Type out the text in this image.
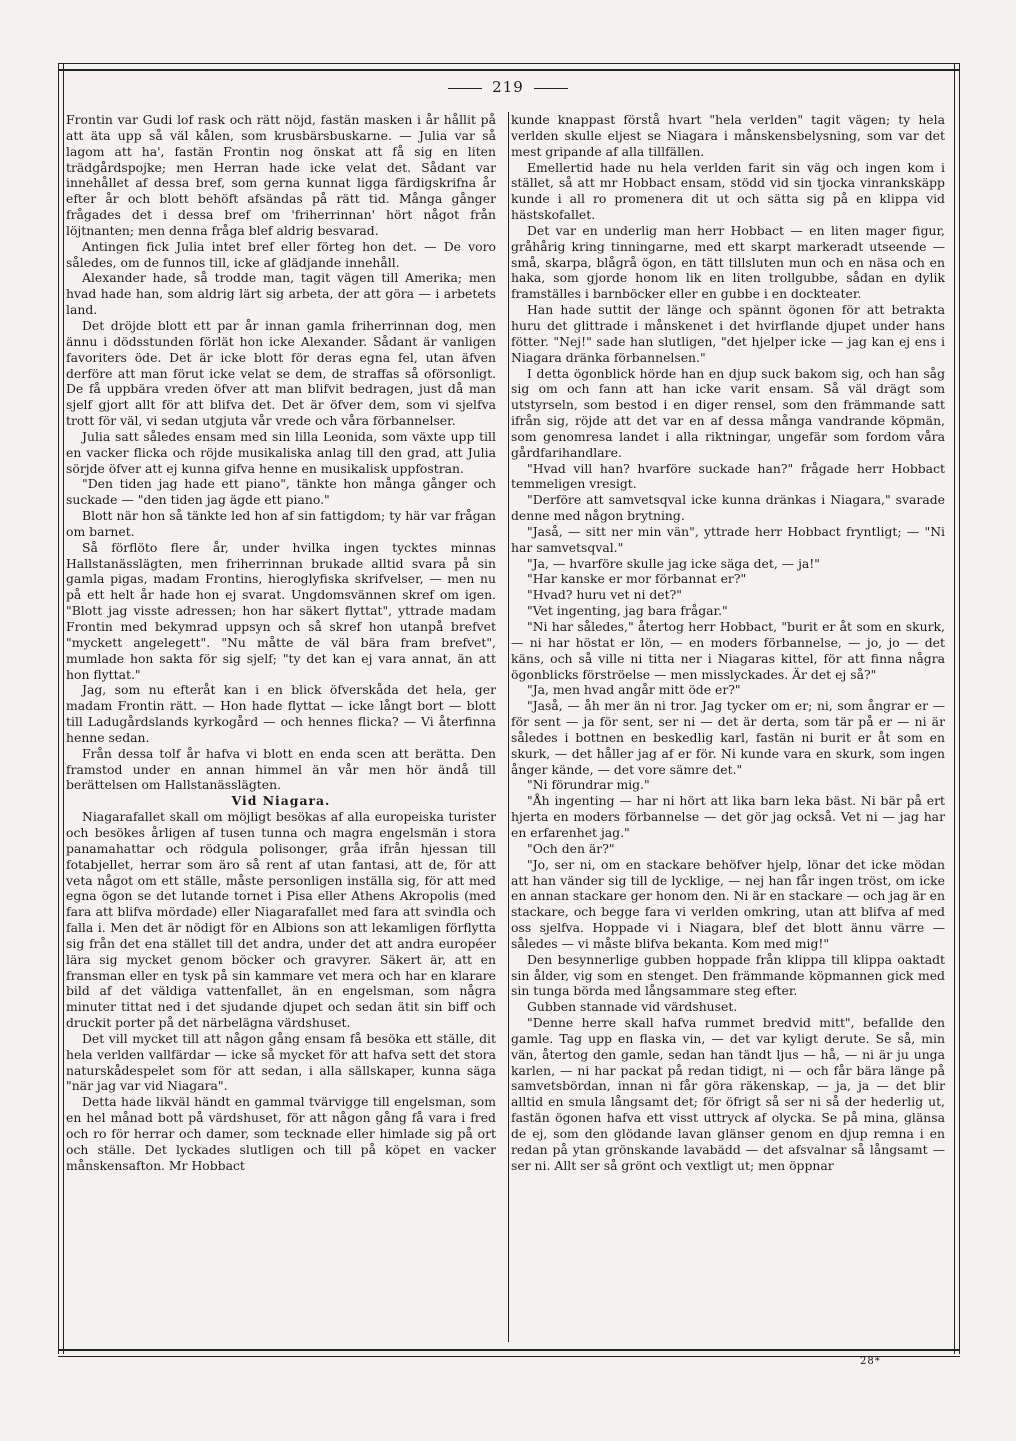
219

Frontin var Gudi lof rask och rätt nöjd, fastän masken i år hållit på att äta upp så väl kålen, som krusbärsbuskarne. — Julia var så lagom att ha', fastän Frontin nog önskat att få sig en liten trädgårdspojke; men Herran hade icke velat det. Sådant var innehållet af dessa bref, som gerna kunnat ligga färdigskrifna år efter år och blott behöft afsändas på rätt tid. Många gånger frågades det i dessa bref om 'friherrinnan' hört något från löjtnanten; men denna fråga blef aldrig besvarad.

Antingen fick Julia intet bref eller förteg hon det. — De voro således, om de funnos till, icke af glädjande innehåll.

Alexander hade, så trodde man, tagit vägen till Amerika; men hvad hade han, som aldrig lärt sig arbeta, der att göra — i arbetets land.

Det dröjde blott ett par år innan gamla friherrinnan dog, men ännu i dödsstunden förlät hon icke Alexander. Sådant är vanligen favoriters öde. Det är icke blott för deras egna fel, utan äfven derföre att man förut icke velat se dem, de straffas så oförsonligt. De få uppbära vreden öfver att man blifvit bedragen, just då man sjelf gjort allt för att blifva det. Det är öfver dem, som vi sjelfva trott för väl, vi sedan utgjuta vår vrede och våra förbannelser.

Julia satt således ensam med sin lilla Leonida, som växte upp till en vacker flicka och röjde musikaliska anlag till den grad, att Julia sörjde öfver att ej kunna gifva henne en musikalisk uppfostran.

"Den tiden jag hade ett piano", tänkte hon många gånger och suckade — "den tiden jag ägde ett piano."

Blott när hon så tänkte led hon af sin fattigdom; ty här var frågan om barnet.

Så förflöto flere år, under hvilka ingen tycktes minnas Hallstanässlägten, men friherrinnan brukade alltid svara på sin gamla pigas, madam Frontins, hieroglyfiska skrifvelser, — men nu på ett helt år hade hon ej svarat. Ungdomsvännen skref om igen. "Blott jag visste adressen; hon har säkert flyttat", yttrade madam Frontin med bekymrad uppsyn och så skref hon utanpå brefvet "myckett angelegett". "Nu måtte de väl bära fram brefvet", mumlade hon sakta för sig sjelf; "ty det kan ej vara annat, än att hon flyttat."

Jag, som nu efteråt kan i en blick öfverskåda det hela, ger madam Frontin rätt. — Hon hade flyttat — icke långt bort — blott till Ladugårdslands kyrkogård — och hennes flicka? — Vi återfinna henne sedan.

Från dessa tolf år hafva vi blott en enda scen att berätta. Den framstod under en annan himmel än vår men hör ändå till berättelsen om Hallstanässlägten.

Vid Niagara.

Niagarafallet skall om möjligt besökas af alla europeiska turister och besökes årligen af tusen tunna och magra engelsmän i stora panamahattar och rödgula polisonger, gråa ifrån hjessan till fotabjellet, herrar som äro så rent af utan fantasi, att de, för att veta något om ett ställe, måste personligen inställa sig, för att med egna ögon se det lutande tornet i Pisa eller Athens Akropolis (med fara att blifva mördade) eller Niagarafallet med fara att svindla och falla i. Men det är nödigt för en Albions son att lekamligen förflytta sig från det ena stället till det andra, under det att andra européer lära sig mycket genom böcker och gravyrer. Säkert är, att en fransman eller en tysk på sin kammare vet mera och har en klarare bild af det väldiga vattenfallet, än en engelsman, som några minuter tittat ned i det sjudande djupet och sedan ätit sin biff och druckit porter på det närbelägna värdshuset.

Det vill mycket till att någon gång ensam få besöka ett ställe, dit hela verlden vallfärdar — icke så mycket för att hafva sett det stora naturskådespelet som för att sedan, i alla sällskaper, kunna säga "när jag var vid Niagara".

Detta hade likväl händt en gammal tvärvigge till engelsman, som en hel månad bott på värdshuset, för att någon gång få vara i fred och ro för herrar och damer, som tecknade eller himlade sig på ort och ställe. Det lyckades slutligen och till på köpet en vacker månskensafton. Mr Hobbact

kunde knappast förstå hvart "hela verlden" tagit vägen; ty hela verlden skulle eljest se Niagara i månskensbelysning, som var det mest gripande af alla tillfällen.

Emellertid hade nu hela verlden farit sin väg och ingen kom i stället, så att mr Hobbact ensam, stödd vid sin tjocka vinrankskäpp kunde i all ro promenera dit ut och sätta sig på en klippa vid hästskofallet.

Det var en underlig man herr Hobbact — en liten mager figur, gråhårig kring tinningarne, med ett skarpt markeradt utseende — små, skarpa, blågrå ögon, en tätt tillsluten mun och en näsa och en haka, som gjorde honom lik en liten trollgubbe, sådan en dylik framställes i barnböcker eller en gubbe i en dockteater.

Han hade suttit der länge och spännt ögonen för att betrakta huru det glittrade i månskenet i det hvirflande djupet under hans fötter. "Nej!" sade han slutligen, "det hjelper icke — jag kan ej ens i Niagara dränka förbannelsen."

I detta ögonblick hörde han en djup suck bakom sig, och han såg sig om och fann att han icke varit ensam. Så väl drägt som utstyrseln, som bestod i en diger rensel, som den främmande satt ifrån sig, röjde att det var en af dessa många vandrande köpmän, som genomresa landet i alla riktningar, ungefär som fordom våra gårdfarihandlare.

"Hvad vill han? hvarföre suckade han?" frågade herr Hobbact temmeligen vresigt.

"Derföre att samvetsqval icke kunna dränkas i Niagara," svarade denne med någon brytning.

"Jaså, — sitt ner min vän", yttrade herr Hobbact fryntligt; — "Ni har samvetsqval."

"Ja, — hvarföre skulle jag icke säga det, — ja!"

"Har kanske er mor förbannat er?"

"Hvad? huru vet ni det?"

"Vet ingenting, jag bara frågar."

"Ni har således," återtog herr Hobbact, "burit er åt som en skurk, — ni har höstat er lön, — en moders förbannelse, — jo, jo — det käns, och så ville ni titta ner i Niagaras kittel, för att finna några ögonblicks förströelse — men misslyckades. Är det ej så?"

"Ja, men hvad angår mitt öde er?"

"Jaså, — åh mer än ni tror. Jag tycker om er; ni, som ångrar er — för sent — ja för sent, ser ni — det är derta, som tär på er — ni är således i bottnen en beskedlig karl, fastän ni burit er åt som en skurk, — det håller jag af er för. Ni kunde vara en skurk, som ingen ånger kände, — det vore sämre det."

"Ni förundrar mig."

"Åh ingenting — har ni hört att lika barn leka bäst. Ni bär på ert hjerta en moders förbannelse — det gör jag också. Vet ni — jag har en erfarenhet jag."

"Och den är?"

"Jo, ser ni, om en stackare behöfver hjelp, lönar det icke mödan att han vänder sig till de lycklige, — nej han får ingen tröst, om icke en annan stackare ger honom den. Ni är en stackare — och jag är en stackare, och begge fara vi verlden omkring, utan att blifva af med oss sjelfva. Hoppade vi i Niagara, blef det blott ännu värre — således — vi måste blifva bekanta. Kom med mig!"

Den besynnerlige gubben hoppade från klippa till klippa oaktadt sin ålder, vig som en stenget. Den främmande köpmannen gick med sin tunga börda med långsammare steg efter.

Gubben stannade vid värdshuset.

"Denne herre skall hafva rummet bredvid mitt", befallde den gamle. Tag upp en flaska vin, — det var kyligt derute. Se så, min vän, återtog den gamle, sedan han tändt ljus — hå, — ni är ju unga karlen, — ni har packat på redan tidigt, ni — och får bära länge på samvetsbördan, innan ni får göra räkenskap, — ja, ja — det blir alltid en smula långsamt det; för öfrigt så ser ni så der hederlig ut, fastän ögonen hafva ett visst uttryck af olycka. Se på mina, glänsa de ej, som den glödande lavan glänser genom en djup remna i en redan på ytan grönskande lavabädd — det afsvalnar så långsamt — ser ni. Allt ser så grönt och vextligt ut; men öppnar

28*
